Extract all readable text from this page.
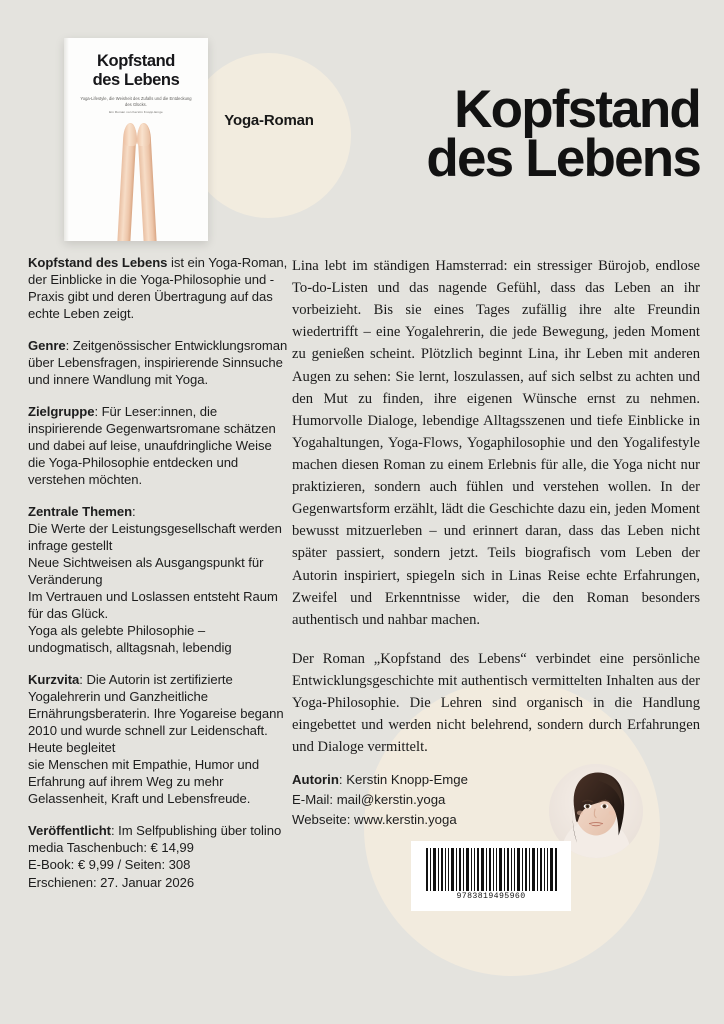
Kopfstand
des Lebens
Yoga-Lifestyle, die Weisheit des Zufalls und die Entdeckung des Glücks.
Ein Roman von Kerstin Knopp-Emge	Yoga-Roman	Kopfstand
des Lebens

Kopfstand des Lebens ist ein Yoga-Roman, der Einblicke in die Yoga-Philosophie und -Praxis gibt und deren Übertragung auf das echte Leben zeigt.

Genre: Zeitgenössischer Entwicklungsroman über Lebensfragen, inspirierende Sinnsuche und innere Wandlung mit Yoga.

Zielgruppe: Für Leser:innen, die inspirierende Gegenwartsromane schätzen und dabei auf leise, unaufdringliche Weise die Yoga-Philosophie entdecken und verstehen möchten.

Zentrale Themen:
Die Werte der Leistungsgesellschaft werden infrage gestellt
Neue Sichtweisen als Ausgangspunkt für Veränderung
Im Vertrauen und Loslassen entsteht Raum für das Glück.
Yoga als gelebte Philosophie – undogmatisch, alltagsnah, lebendig

Kurzvita: Die Autorin ist zertifizierte Yogalehrerin und Ganzheitliche Ernährungsberaterin. Ihre Yogareise begann 2010 und wurde schnell zur Leidenschaft. Heute begleitet
sie Menschen mit Empathie, Humor und Erfahrung auf ihrem Weg zu mehr Gelassenheit, Kraft und Lebensfreude.

Veröffentlicht: Im Selfpublishing über tolino media Taschenbuch: € 14,99
E-Book: € 9,99 / Seiten: 308
Erschienen: 27. Januar 2026

Lina lebt im ständigen Hamsterrad: ein stressiger Bürojob, endlose To-do-Listen und das nagende Gefühl, dass das Leben an ihr vorbeizieht. Bis sie eines Tages zufällig ihre alte Freundin wiedertrifft – eine Yogalehrerin, die jede Bewegung, jeden Moment zu genießen scheint. Plötzlich beginnt Lina, ihr Leben mit anderen Augen zu sehen: Sie lernt, loszulassen, auf sich selbst zu achten und den Mut zu finden, ihre eigenen Wünsche ernst zu nehmen. Humorvolle Dialoge, lebendige Alltagsszenen und tiefe Einblicke in Yogahaltungen, Yoga-Flows, Yogaphilosophie und den Yogalifestyle machen diesen Roman zu einem Erlebnis für alle, die Yoga nicht nur praktizieren, sondern auch fühlen und verstehen wollen. In der Gegenwartsform erzählt, lädt die Geschichte dazu ein, jeden Moment bewusst mitzuerleben – und erinnert daran, dass das Leben nicht später passiert, sondern jetzt. Teils biografisch vom Leben der Autorin inspiriert, spiegeln sich in Linas Reise echte Erfahrungen, Zweifel und Erkenntnisse wider, die den Roman besonders authentisch und nahbar machen.

Der Roman „Kopfstand des Lebens“ verbindet eine persönliche Entwicklungsgeschichte mit authentisch vermittelten Inhalten aus der Yoga-Philosophie. Die Lehren sind organisch in die Handlung eingebettet und werden nicht belehrend, sondern durch Erfahrungen und Dialoge vermittelt.

Autorin: Kerstin Knopp-Emge
E-Mail: mail@kerstin.yoga
Webseite: www.kerstin.yoga
9783819495960
